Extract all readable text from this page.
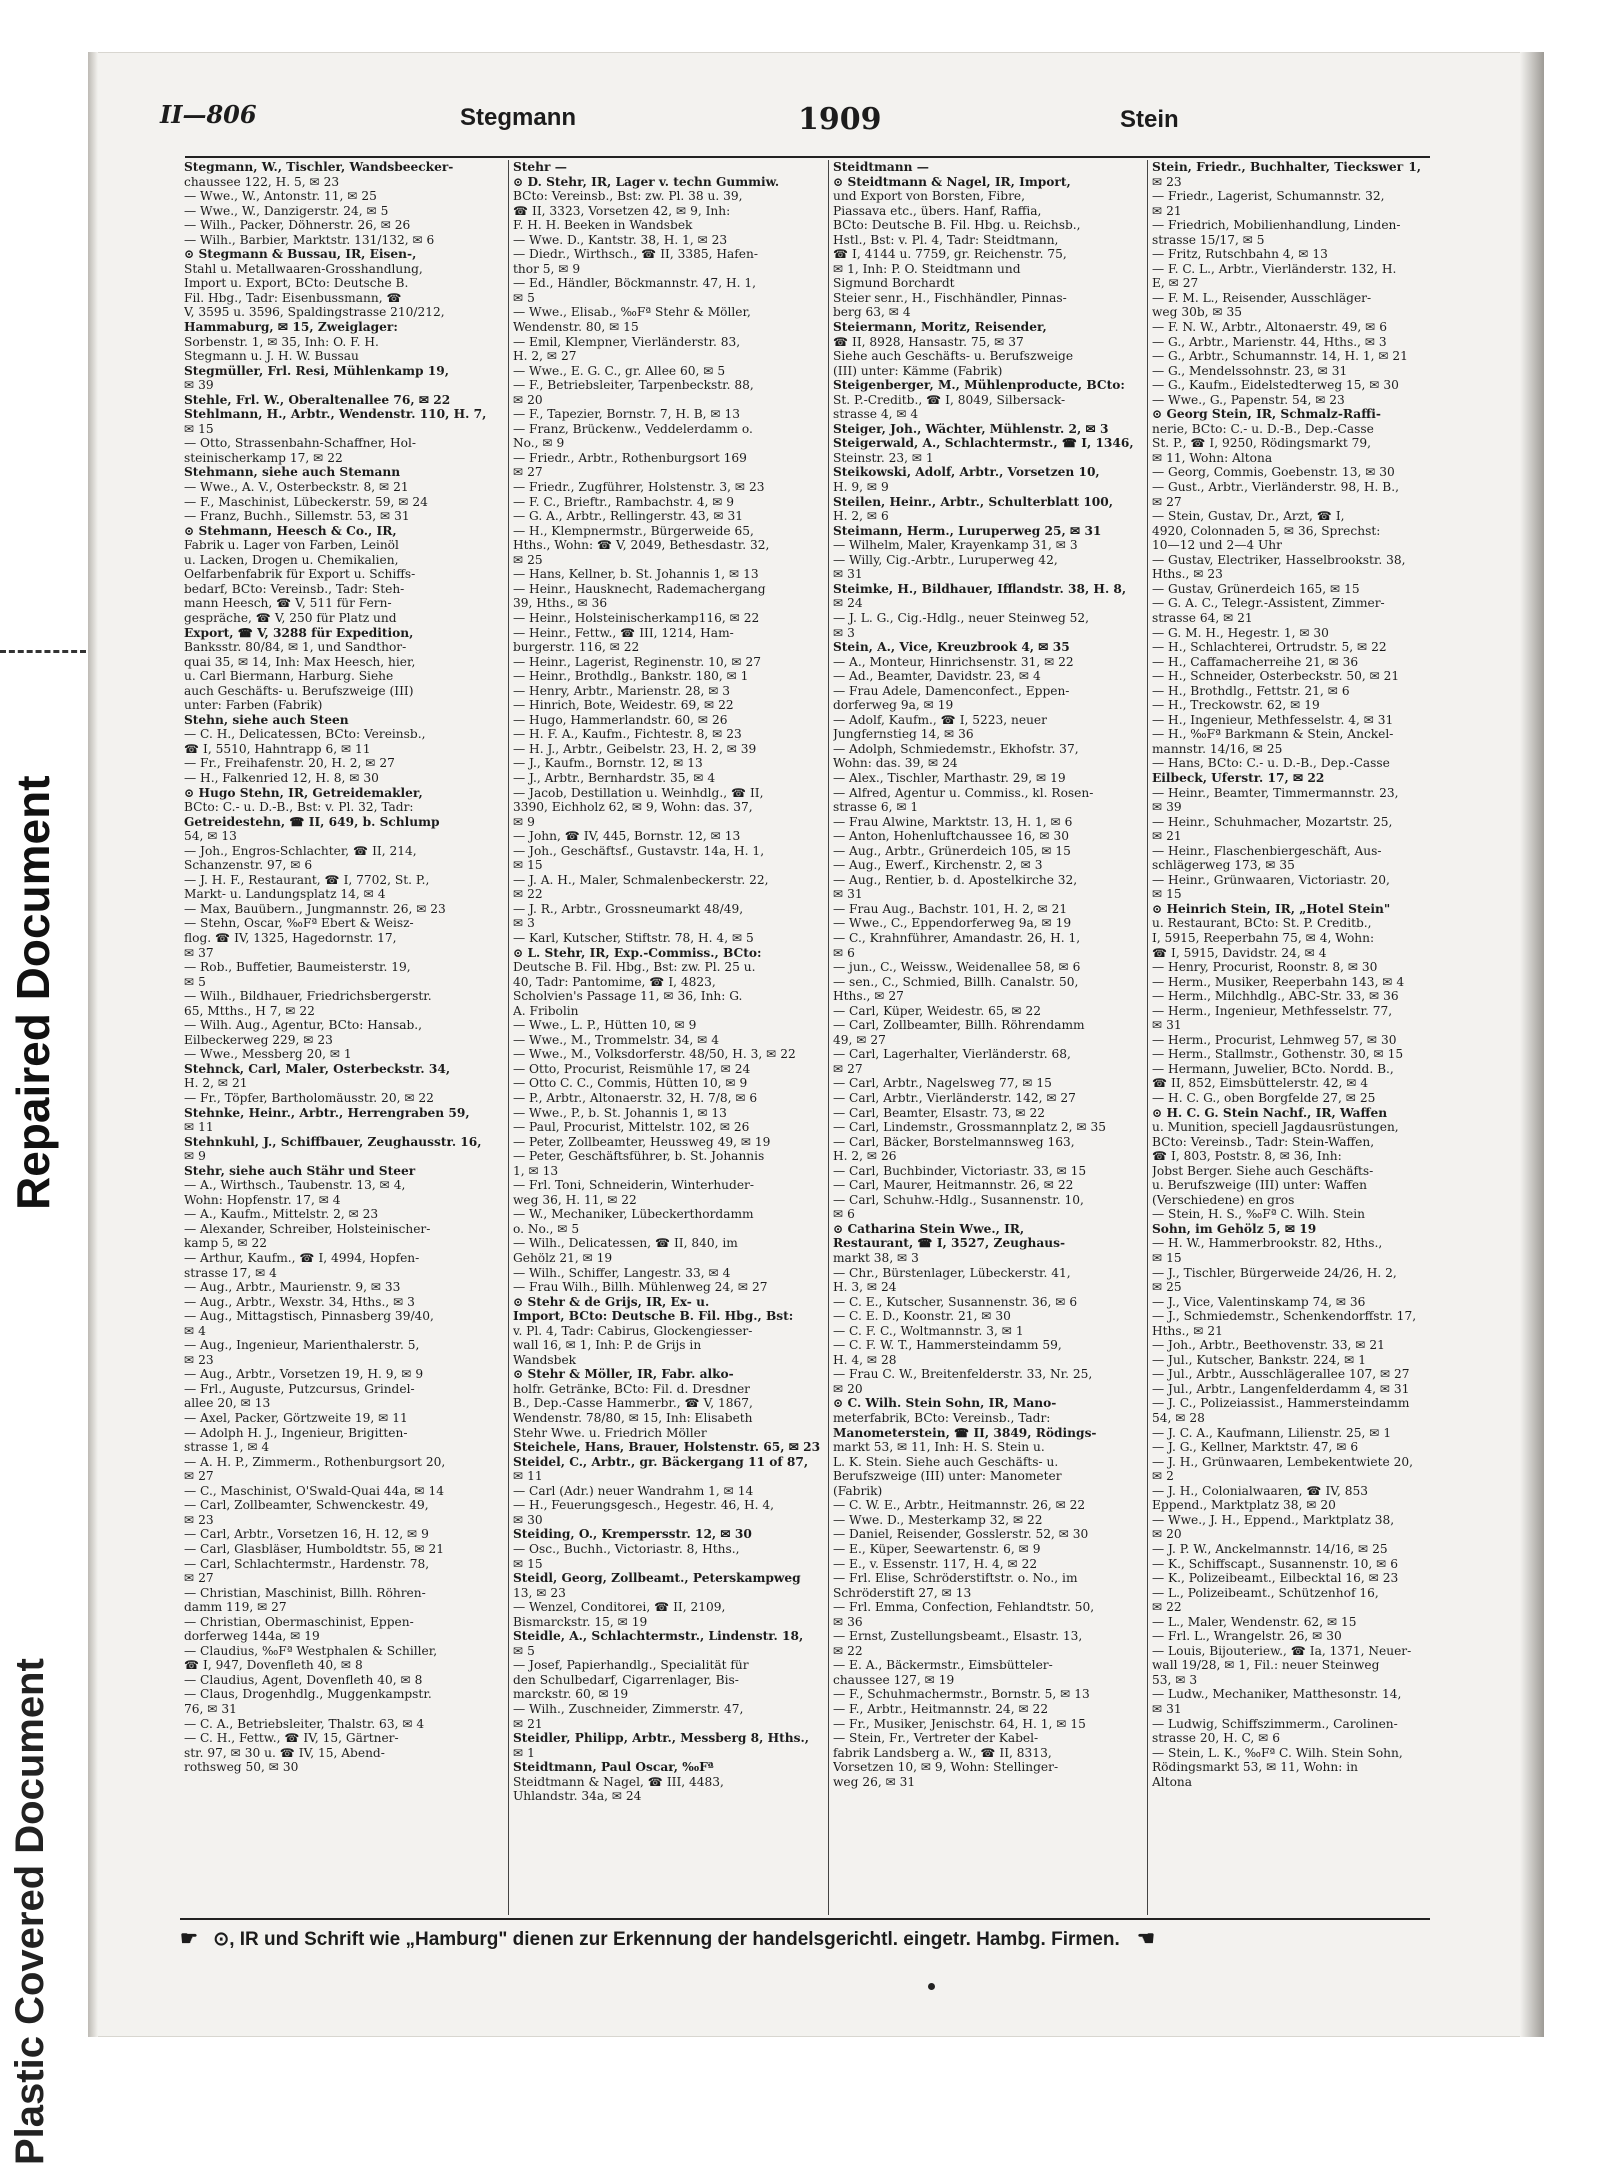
Repaired Document
Plastic Covered Document
II—806	Stegmann	1909	Stein
Stegmann, W., Tischler, Wandsbeecker-
chaussee 122, H. 5, ✉ 23
— Wwe., W., Antonstr. 11, ✉ 25
— Wwe., W., Danzigerstr. 24, ✉ 5
— Wilh., Packer, Döhnerstr. 26, ✉ 26
— Wilh., Barbier, Marktstr. 131/132, ✉ 6
⊙ Stegmann & Bussau, IR, Eisen-,
Stahl u. Metallwaaren-Grosshandlung,
Import u. Export, BCto: Deutsche B.
Fil. Hbg., Tadr: Eisenbussmann, ☎
V, 3595 u. 3596, Spaldingstrasse 210/212,
Hammaburg, ✉ 15, Zweiglager:
Sorbenstr. 1, ✉ 35, Inh: O. F. H.
Stegmann u. J. H. W. Bussau
Stegmüller, Frl. Resi, Mühlenkamp 19,
✉ 39
Stehle, Frl. W., Oberaltenallee 76, ✉ 22
Stehlmann, H., Arbtr., Wendenstr. 110, H. 7,
✉ 15
— Otto, Strassenbahn-Schaffner, Hol-
steinischerkamp 17, ✉ 22
Stehmann, siehe auch Stemann
— Wwe., A. V., Osterbeckstr. 8, ✉ 21
— F., Maschinist, Lübeckerstr. 59, ✉ 24
— Franz, Buchh., Sillemstr. 53, ✉ 31
⊙ Stehmann, Heesch & Co., IR,
Fabrik u. Lager von Farben, Leinöl
u. Lacken, Drogen u. Chemikalien,
Oelfarbenfabrik für Export u. Schiffs-
bedarf, BCto: Vereinsb., Tadr: Steh-
mann Heesch, ☎ V, 511 für Fern-
gespräche, ☎ V, 250 für Platz und
Export, ☎ V, 3288 für Expedition,
Banksstr. 80/84, ✉ 1, und Sandthor-
quai 35, ✉ 14, Inh: Max Heesch, hier,
u. Carl Biermann, Harburg. Siehe
auch Geschäfts- u. Berufszweige (III)
unter: Farben (Fabrik)
Stehn, siehe auch Steen
— C. H., Delicatessen, BCto: Vereinsb.,
☎ I, 5510, Hahntrapp 6, ✉ 11
— Fr., Freihafenstr. 20, H. 2, ✉ 27
— H., Falkenried 12, H. 8, ✉ 30
⊙ Hugo Stehn, IR, Getreidemakler,
BCto: C.- u. D.-B., Bst: v. Pl. 32, Tadr:
Getreidestehn, ☎ II, 649, b. Schlump
54, ✉ 13
— Joh., Engros-Schlachter, ☎ II, 214,
Schanzenstr. 97, ✉ 6
— J. H. F., Restaurant, ☎ I, 7702, St. P.,
Markt- u. Landungsplatz 14, ✉ 4
— Max, Bauübern., Jungmannstr. 26, ✉ 23
— Stehn, Oscar, ‰Fª Ebert & Weisz-
flog. ☎ IV, 1325, Hagedornstr. 17,
✉ 37
— Rob., Buffetier, Baumeisterstr. 19,
✉ 5
— Wilh., Bildhauer, Friedrichsbergerstr.
65, Mtths., H 7, ✉ 22
— Wilh. Aug., Agentur, BCto: Hansab.,
Eilbeckerweg 229, ✉ 23
— Wwe., Messberg 20, ✉ 1
Stehnck, Carl, Maler, Osterbeckstr. 34,
H. 2, ✉ 21
— Fr., Töpfer, Bartholomäusstr. 20, ✉ 22
Stehnke, Heinr., Arbtr., Herrengraben 59,
✉ 11
Stehnkuhl, J., Schiffbauer, Zeughausstr. 16,
✉ 9
Stehr, siehe auch Stähr und Steer
— A., Wirthsch., Taubenstr. 13, ✉ 4,
Wohn: Hopfenstr. 17, ✉ 4
— A., Kaufm., Mittelstr. 2, ✉ 23
— Alexander, Schreiber, Holsteinischer-
kamp 5, ✉ 22
— Arthur, Kaufm., ☎ I, 4994, Hopfen-
strasse 17, ✉ 4
— Aug., Arbtr., Maurienstr. 9, ✉ 33
— Aug., Arbtr., Wexstr. 34, Hths., ✉ 3
— Aug., Mittagstisch, Pinnasberg 39/40,
✉ 4
— Aug., Ingenieur, Marienthalerstr. 5,
✉ 23
— Aug., Arbtr., Vorsetzen 19, H. 9, ✉ 9
— Frl., Auguste, Putzcursus, Grindel-
allee 20, ✉ 13
— Axel, Packer, Görtzweite 19, ✉ 11
— Adolph H. J., Ingenieur, Brigitten-
strasse 1, ✉ 4
— A. H. P., Zimmerm., Rothenburgsort 20,
✉ 27
— C., Maschinist, O'Swald-Quai 44a, ✉ 14
— Carl, Zollbeamter, Schwenckestr. 49,
✉ 23
— Carl, Arbtr., Vorsetzen 16, H. 12, ✉ 9
— Carl, Glasbläser, Humboldtstr. 55, ✉ 21
— Carl, Schlachtermstr., Hardenstr. 78,
✉ 27
— Christian, Maschinist, Billh. Röhren-
damm 119, ✉ 27
— Christian, Obermaschinist, Eppen-
dorferweg 144a, ✉ 19
— Claudius, ‰Fª Westphalen & Schiller,
☎ I, 947, Dovenfleth 40, ✉ 8
— Claudius, Agent, Dovenfleth 40, ✉ 8
— Claus, Drogenhdlg., Muggenkampstr.
76, ✉ 31
— C. A., Betriebsleiter, Thalstr. 63, ✉ 4
— C. H., Fettw., ☎ IV, 15, Gärtner-
str. 97, ✉ 30 u. ☎ IV, 15, Abend-
rothsweg 50, ✉ 30
Stehr —
⊙ D. Stehr, IR, Lager v. techn Gummiw.
BCto: Vereinsb., Bst: zw. Pl. 38 u. 39,
☎ II, 3323, Vorsetzen 42, ✉ 9, Inh:
F. H. H. Beeken in Wandsbek
— Wwe. D., Kantstr. 38, H. 1, ✉ 23
— Diedr., Wirthsch., ☎ II, 3385, Hafen-
thor 5, ✉ 9
— Ed., Händler, Böckmannstr. 47, H. 1,
✉ 5
— Wwe., Elisab., ‰Fª Stehr & Möller,
Wendenstr. 80, ✉ 15
— Emil, Klempner, Vierländerstr. 83,
H. 2, ✉ 27
— Wwe., E. G. C., gr. Allee 60, ✉ 5
— F., Betriebsleiter, Tarpenbeckstr. 88,
✉ 20
— F., Tapezier, Bornstr. 7, H. B, ✉ 13
— Franz, Brückenw., Veddelerdamm o.
No., ✉ 9
— Friedr., Arbtr., Rothenburgsort 169
✉ 27
— Friedr., Zugführer, Holstenstr. 3, ✉ 23
— F. C., Brieftr., Rambachstr. 4, ✉ 9
— G. A., Arbtr., Rellingerstr. 43, ✉ 31
— H., Klempnermstr., Bürgerweide 65,
Hths., Wohn: ☎ V, 2049, Bethesdastr. 32,
✉ 25
— Hans, Kellner, b. St. Johannis 1, ✉ 13
— Heinr., Hausknecht, Rademachergang
39, Hths., ✉ 36
— Heinr., Holsteinischerkamp116, ✉ 22
— Heinr., Fettw., ☎ III, 1214, Ham-
burgerstr. 116, ✉ 22
— Heinr., Lagerist, Reginenstr. 10, ✉ 27
— Heinr., Brothdlg., Bankstr. 180, ✉ 1
— Henry, Arbtr., Marienstr. 28, ✉ 3
— Hinrich, Bote, Weidestr. 69, ✉ 22
— Hugo, Hammerlandstr. 60, ✉ 26
— H. F. A., Kaufm., Fichtestr. 8, ✉ 23
— H. J., Arbtr., Geibelstr. 23, H. 2, ✉ 39
— J., Kaufm., Bornstr. 12, ✉ 13
— J., Arbtr., Bernhardstr. 35, ✉ 4
— Jacob, Destillation u. Weinhdlg., ☎ II,
3390, Eichholz 62, ✉ 9, Wohn: das. 37,
✉ 9
— John, ☎ IV, 445, Bornstr. 12, ✉ 13
— Joh., Geschäftsf., Gustavstr. 14a, H. 1,
✉ 15
— J. A. H., Maler, Schmalenbeckerstr. 22,
✉ 22
— J. R., Arbtr., Grossneumarkt 48/49,
✉ 3
— Karl, Kutscher, Stiftstr. 78, H. 4, ✉ 5
⊙ L. Stehr, IR, Exp.-Commiss., BCto:
Deutsche B. Fil. Hbg., Bst: zw. Pl. 25 u.
40, Tadr: Pantomime, ☎ I, 4823,
Scholvien's Passage 11, ✉ 36, Inh: G.
A. Fribolin
— Wwe., L. P., Hütten 10, ✉ 9
— Wwe., M., Trommelstr. 34, ✉ 4
— Wwe., M., Volksdorferstr. 48/50, H. 3, ✉ 22
— Otto, Procurist, Reismühle 17, ✉ 24
— Otto C. C., Commis, Hütten 10, ✉ 9
— P., Arbtr., Altonaerstr. 32, H. 7/8, ✉ 6
— Wwe., P., b. St. Johannis 1, ✉ 13
— Paul, Procurist, Mittelstr. 102, ✉ 26
— Peter, Zollbeamter, Heussweg 49, ✉ 19
— Peter, Geschäftsführer, b. St. Johannis
1, ✉ 13
— Frl. Toni, Schneiderin, Winterhuder-
weg 36, H. 11, ✉ 22
— W., Mechaniker, Lübeckerthordamm
o. No., ✉ 5
— Wilh., Delicatessen, ☎ II, 840, im
Gehölz 21, ✉ 19
— Wilh., Schiffer, Langestr. 33, ✉ 4
— Frau Wilh., Billh. Mühlenweg 24, ✉ 27
⊙ Stehr & de Grijs, IR, Ex- u.
Import, BCto: Deutsche B. Fil. Hbg., Bst:
v. Pl. 4, Tadr: Cabirus, Glockengiesser-
wall 16, ✉ 1, Inh: P. de Grijs in
Wandsbek
⊙ Stehr & Möller, IR, Fabr. alko-
holfr. Getränke, BCto: Fil. d. Dresdner
B., Dep.-Casse Hammerbr., ☎ V, 1867,
Wendenstr. 78/80, ✉ 15, Inh: Elisabeth
Stehr Wwe. u. Friedrich Möller
Steichele, Hans, Brauer, Holstenstr. 65, ✉ 23
Steidel, C., Arbtr., gr. Bäckergang 11 of 87,
✉ 11
— Carl (Adr.) neuer Wandrahm 1, ✉ 14
— H., Feuerungsgesch., Hegestr. 46, H. 4,
✉ 30
Steiding, O., Krempersstr. 12, ✉ 30
— Osc., Buchh., Victoriastr. 8, Hths.,
✉ 15
Steidl, Georg, Zollbeamt., Peterskampweg
13, ✉ 23
— Wenzel, Conditorei, ☎ II, 2109,
Bismarckstr. 15, ✉ 19
Steidle, A., Schlachtermstr., Lindenstr. 18,
✉ 5
— Josef, Papierhandlg., Specialität für
den Schulbedarf, Cigarrenlager, Bis-
marckstr. 60, ✉ 19
— Wilh., Zuschneider, Zimmerstr. 47,
✉ 21
Steidler, Philipp, Arbtr., Messberg 8, Hths.,
✉ 1
Steidtmann, Paul Oscar, ‰Fª
Steidtmann & Nagel, ☎ III, 4483,
Uhlandstr. 34a, ✉ 24
Steidtmann —
⊙ Steidtmann & Nagel, IR, Import,
und Export von Borsten, Fibre,
Piassava etc., übers. Hanf, Raffia,
BCto: Deutsche B. Fil. Hbg. u. Reichsb.,
Hstl., Bst: v. Pl. 4, Tadr: Steidtmann,
☎ I, 4144 u. 7759, gr. Reichenstr. 75,
✉ 1, Inh: P. O. Steidtmann und
Sigmund Borchardt
Steier senr., H., Fischhändler, Pinnas-
berg 63, ✉ 4
Steiermann, Moritz, Reisender,
☎ II, 8928, Hansastr. 75, ✉ 37
Siehe auch Geschäfts- u. Berufszweige
(III) unter: Kämme (Fabrik)
Steigenberger, M., Mühlenproducte, BCto:
St. P.-Creditb., ☎ I, 8049, Silbersack-
strasse 4, ✉ 4
Steiger, Joh., Wächter, Mühlenstr. 2, ✉ 3
Steigerwald, A., Schlachtermstr., ☎ I, 1346,
Steinstr. 23, ✉ 1
Steikowski, Adolf, Arbtr., Vorsetzen 10,
H. 9, ✉ 9
Steilen, Heinr., Arbtr., Schulterblatt 100,
H. 2, ✉ 6
Steimann, Herm., Luruperweg 25, ✉ 31
— Wilhelm, Maler, Krayenkamp 31, ✉ 3
— Willy, Cig.-Arbtr., Luruperweg 42,
✉ 31
Steimke, H., Bildhauer, Ifflandstr. 38, H. 8,
✉ 24
— J. L. G., Cig.-Hdlg., neuer Steinweg 52,
✉ 3
Stein, A., Vice, Kreuzbrook 4, ✉ 35
— A., Monteur, Hinrichsenstr. 31, ✉ 22
— Ad., Beamter, Davidstr. 23, ✉ 4
— Frau Adele, Damenconfect., Eppen-
dorferweg 9a, ✉ 19
— Adolf, Kaufm., ☎ I, 5223, neuer
Jungfernstieg 14, ✉ 36
— Adolph, Schmiedemstr., Ekhofstr. 37,
Wohn: das. 39, ✉ 24
— Alex., Tischler, Marthastr. 29, ✉ 19
— Alfred, Agentur u. Commiss., kl. Rosen-
strasse 6, ✉ 1
— Frau Alwine, Marktstr. 13, H. 1, ✉ 6
— Anton, Hohenluftchaussee 16, ✉ 30
— Aug., Arbtr., Grünerdeich 105, ✉ 15
— Aug., Ewerf., Kirchenstr. 2, ✉ 3
— Aug., Rentier, b. d. Apostelkirche 32,
✉ 31
— Frau Aug., Bachstr. 101, H. 2, ✉ 21
— Wwe., C., Eppendorferweg 9a, ✉ 19
— C., Krahnführer, Amandastr. 26, H. 1,
✉ 6
— jun., C., Weissw., Weidenallee 58, ✉ 6
— sen., C., Schmied, Billh. Canalstr. 50,
Hths., ✉ 27
— Carl, Küper, Weidestr. 65, ✉ 22
— Carl, Zollbeamter, Billh. Röhrendamm
49, ✉ 27
— Carl, Lagerhalter, Vierländerstr. 68,
✉ 27
— Carl, Arbtr., Nagelsweg 77, ✉ 15
— Carl, Arbtr., Vierländerstr. 142, ✉ 27
— Carl, Beamter, Elsastr. 73, ✉ 22
— Carl, Lindemstr., Grossmannplatz 2, ✉ 35
— Carl, Bäcker, Borstelmannsweg 163,
H. 2, ✉ 26
— Carl, Buchbinder, Victoriastr. 33, ✉ 15
— Carl, Maurer, Heitmannstr. 26, ✉ 22
— Carl, Schuhw.-Hdlg., Susannenstr. 10,
✉ 6
⊙ Catharina Stein Wwe., IR,
Restaurant, ☎ I, 3527, Zeughaus-
markt 38, ✉ 3
— Chr., Bürstenlager, Lübeckerstr. 41,
H. 3, ✉ 24
— C. E., Kutscher, Susannenstr. 36, ✉ 6
— C. E. D., Koonstr. 21, ✉ 30
— C. F. C., Woltmannstr. 3, ✉ 1
— C. F. W. T., Hammersteindamm 59,
H. 4, ✉ 28
— Frau C. W., Breitenfelderstr. 33, Nr. 25,
✉ 20
⊙ C. Wilh. Stein Sohn, IR, Mano-
meterfabrik, BCto: Vereinsb., Tadr:
Manometerstein, ☎ II, 3849, Rödings-
markt 53, ✉ 11, Inh: H. S. Stein u.
L. K. Stein. Siehe auch Geschäfts- u.
Berufszweige (III) unter: Manometer
(Fabrik)
— C. W. E., Arbtr., Heitmannstr. 26, ✉ 22
— Wwe. D., Mesterkamp 32, ✉ 22
— Daniel, Reisender, Gosslerstr. 52, ✉ 30
— E., Küper, Seewartenstr. 6, ✉ 9
— E., v. Essenstr. 117, H. 4, ✉ 22
— Frl. Elise, Schröderstiftstr. o. No., im
Schröderstift 27, ✉ 13
— Frl. Emma, Confection, Fehlandtstr. 50,
✉ 36
— Ernst, Zustellungsbeamt., Elsastr. 13,
✉ 22
— E. A., Bäckermstr., Eimsbütteler-
chaussee 127, ✉ 19
— F., Schuhmachermstr., Bornstr. 5, ✉ 13
— F., Arbtr., Heitmannstr. 24, ✉ 22
— Fr., Musiker, Jenischstr. 64, H. 1, ✉ 15
— Stein, Fr., Vertreter der Kabel-
fabrik Landsberg a. W., ☎ II, 8313,
Vorsetzen 10, ✉ 9, Wohn: Stellinger-
weg 26, ✉ 31
Stein, Friedr., Buchhalter, Tieckswег 1,
✉ 23
— Friedr., Lagerist, Schumannstr. 32,
✉ 21
— Friedrich, Mobilienhandlung, Linden-
strasse 15/17, ✉ 5
— Fritz, Rutschbahn 4, ✉ 13
— F. C. L., Arbtr., Vierländerstr. 132, H.
E, ✉ 27
— F. M. L., Reisender, Ausschläger-
weg 30b, ✉ 35
— F. N. W., Arbtr., Altonaerstr. 49, ✉ 6
— G., Arbtr., Marienstr. 44, Hths., ✉ 3
— G., Arbtr., Schumannstr. 14, H. 1, ✉ 21
— G., Mendelssohnstr. 23, ✉ 31
— G., Kaufm., Eidelstedterweg 15, ✉ 30
— Wwe., G., Papenstr. 54, ✉ 23
⊙ Georg Stein, IR, Schmalz-Raffi-
nerie, BCto: C.- u. D.-B., Dep.-Casse
St. P., ☎ I, 9250, Rödingsmarkt 79,
✉ 11, Wohn: Altona
— Georg, Commis, Goebenstr. 13, ✉ 30
— Gust., Arbtr., Vierländerstr. 98, H. B.,
✉ 27
— Stein, Gustav, Dr., Arzt, ☎ I,
4920, Colonnaden 5, ✉ 36, Sprechst:
10—12 und 2—4 Uhr
— Gustav, Electriker, Hasselbrookstr. 38,
Hths., ✉ 23
— Gustav, Grünerdeich 165, ✉ 15
— G. A. C., Telegr.-Assistent, Zimmer-
strasse 64, ✉ 21
— G. M. H., Hegestr. 1, ✉ 30
— H., Schlachterei, Ortrudstr. 5, ✉ 22
— H., Caffamacherreihe 21, ✉ 36
— H., Schneider, Osterbeckstr. 50, ✉ 21
— H., Brothdlg., Fettstr. 21, ✉ 6
— H., Treckowstr. 62, ✉ 19
— H., Ingenieur, Methfesselstr. 4, ✉ 31
— H., ‰Fª Barkmann & Stein, Anckel-
mannstr. 14/16, ✉ 25
— Hans, BCto: C.- u. D.-B., Dep.-Casse
Eilbeck, Uferstr. 17, ✉ 22
— Heinr., Beamter, Timmermannstr. 23,
✉ 39
— Heinr., Schuhmacher, Mozartstr. 25,
✉ 21
— Heinr., Flaschenbiergeschäft, Aus-
schlägerweg 173, ✉ 35
— Heinr., Grünwaaren, Victoriastr. 20,
✉ 15
⊙ Heinrich Stein, IR, „Hotel Stein"
u. Restaurant, BCto: St. P. Creditb.,
I, 5915, Reeperbahn 75, ✉ 4, Wohn:
☎ I, 5915, Davidstr. 24, ✉ 4
— Henry, Procurist, Roonstr. 8, ✉ 30
— Herm., Musiker, Reeperbahn 143, ✉ 4
— Herm., Milchhdlg., ABC-Str. 33, ✉ 36
— Herm., Ingenieur, Methfesselstr. 77,
✉ 31
— Herm., Procurist, Lehmweg 57, ✉ 30
— Herm., Stallmstr., Gothenstr. 30, ✉ 15
— Hermann, Juwelier, BCto. Nordd. B.,
☎ II, 852, Eimsbüttelerstr. 42, ✉ 4
— H. C. G., oben Borgfelde 27, ✉ 25
⊙ H. C. G. Stein Nachf., IR, Waffen
u. Munition, speciell Jagdausrüstungen,
BCto: Vereinsb., Tadr: Stein-Waffen,
☎ I, 803, Poststr. 8, ✉ 36, Inh:
Jobst Berger. Siehe auch Geschäfts-
u. Berufszweige (III) unter: Waffen
(Verschiedene) en gros
— Stein, H. S., ‰Fª C. Wilh. Stein
Sohn, im Gehölz 5, ✉ 19
— H. W., Hammerbrookstr. 82, Hths.,
✉ 15
— J., Tischler, Bürgerweide 24/26, H. 2,
✉ 25
— J., Vice, Valentinskamp 74, ✉ 36
— J., Schmiedemstr., Schenkendorffstr. 17,
Hths., ✉ 21
— Joh., Arbtr., Beethovenstr. 33, ✉ 21
— Jul., Kutscher, Bankstr. 224, ✉ 1
— Jul., Arbtr., Ausschlägerallee 107, ✉ 27
— Jul., Arbtr., Langenfelderdamm 4, ✉ 31
— J. C., Polizeiassist., Hammersteindamm
54, ✉ 28
— J. C. A., Kaufmann, Lilienstr. 25, ✉ 1
— J. G., Kellner, Marktstr. 47, ✉ 6
— J. H., Grünwaaren, Lembekentwiete 20,
✉ 2
— J. H., Colonialwaaren, ☎ IV, 853
Eppend., Marktplatz 38, ✉ 20
— Wwe., J. H., Eppend., Marktplatz 38,
✉ 20
— J. P. W., Anckelmannstr. 14/16, ✉ 25
— K., Schiffscapt., Susannenstr. 10, ✉ 6
— K., Polizeibeamt., Eilbecktal 16, ✉ 23
— L., Polizeibeamt., Schützenhof 16,
✉ 22
— L., Maler, Wendenstr. 62, ✉ 15
— Frl. L., Wrangelstr. 26, ✉ 30
— Louis, Bijouteriew., ☎ Ia, 1371, Neuer-
wall 19/28, ✉ 1, Fil.: neuer Steinweg
53, ✉ 3
— Ludw., Mechaniker, Matthesonstr. 14,
✉ 31
— Ludwig, Schiffszimmerm., Carolinen-
strasse 20, H. C, ✉ 6
— Stein, L. K., ‰Fª C. Wilh. Stein Sohn,
Rödingsmarkt 53, ✉ 11, Wohn: in
Altona
☛ ⊙, IR und Schrift wie „Hamburg" dienen zur Erkennung der handelsgerichtl. eingetr. Hambg. Firmen. ☚
